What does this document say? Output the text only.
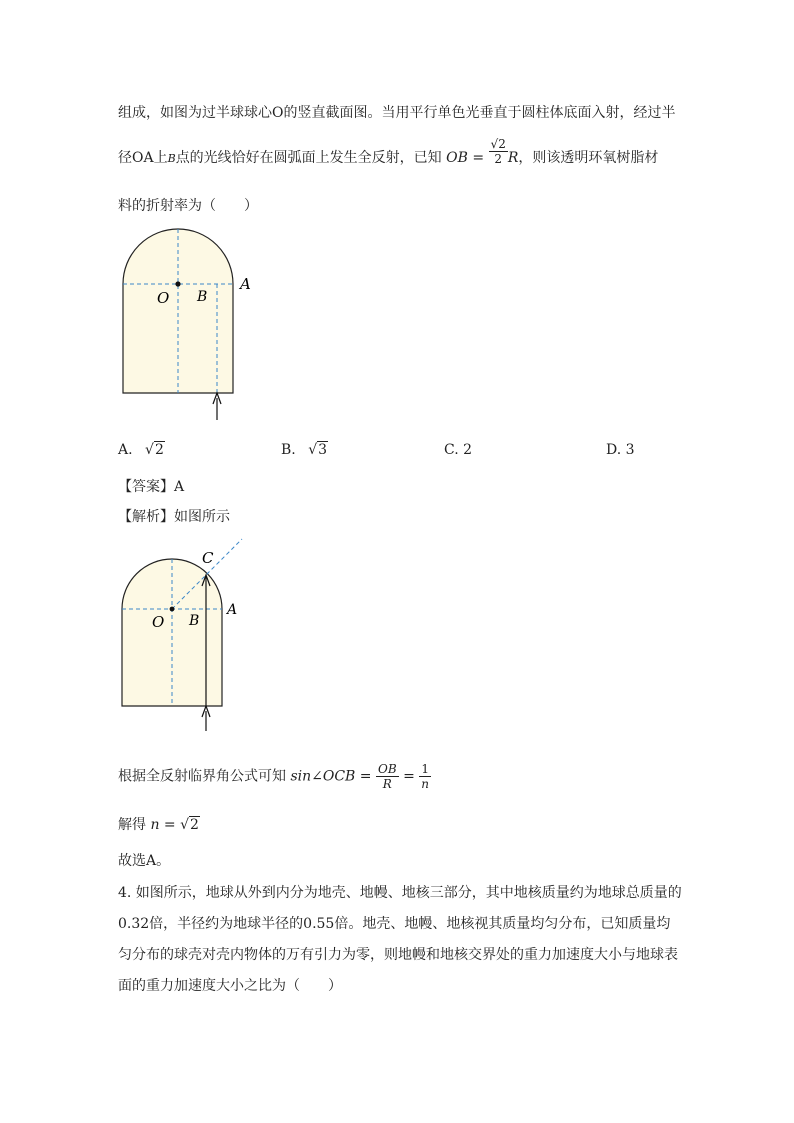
组成，如图为过半球球心O的竖直截面图。当用平行单色光垂直于圆柱体底面入射，经过半
径OA上B点的光线恰好在圆弧面上发生全反射，已知 OB = $\frac{√2}{2}$ R，则该透明环氧树脂材
料的折射率为（　　）
O B
A
A. √2	B. √3	C. 2	D. 3
【答案】A
【解析】如图所示
C
O B
A
根据全反射临界角公式可知 sin∠OCB = $\frac{OB}{R} = \frac{1}{n}$
解得 n = √2
故选A。
4. 如图所示，地球从外到内分为地壳、地幔、地核三部分，其中地核质量约为地球总质量的
0.32倍，半径约为地球半径的0.55倍。地壳、地幔、地核视其质量均匀分布，已知质量均
匀分布的球壳对壳内物体的万有引力为零，则地幔和地核交界处的重力加速度大小与地球表
面的重力加速度大小之比为（　　）
